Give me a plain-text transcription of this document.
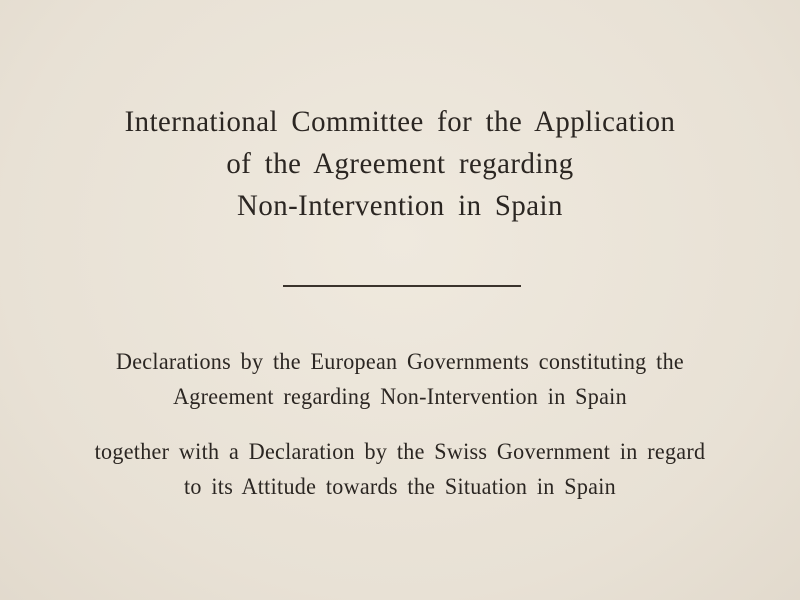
International Committee for the Application
of the Agreement regarding
Non-Intervention in Spain
Declarations by the European Governments constituting the
Agreement regarding Non-Intervention in Spain
together with a Declaration by the Swiss Government in regard
to its Attitude towards the Situation in Spain
